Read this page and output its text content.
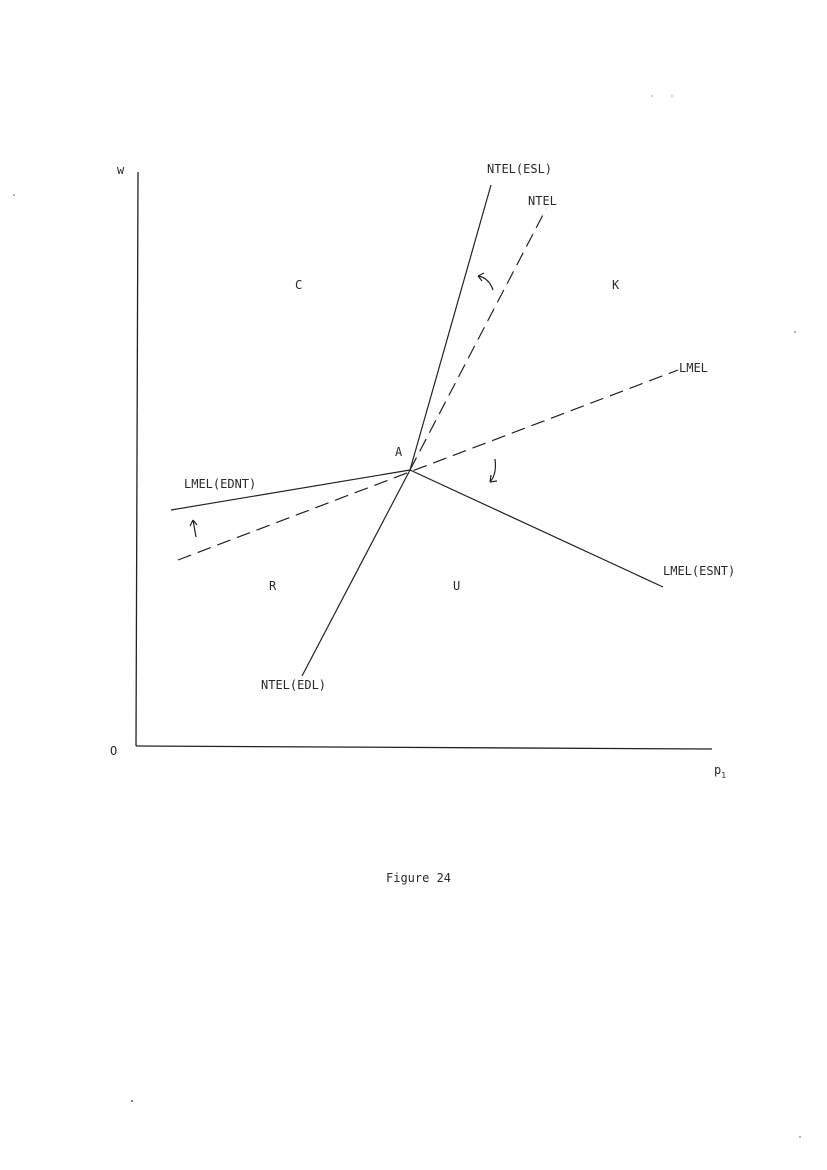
w
O
$p_1$
C	K
R	U
A
NTEL(ESL)
NTEL
LMEL
LMEL(EDNT)
LMEL(ESNT)
NTEL(EDL)
Figure 24
